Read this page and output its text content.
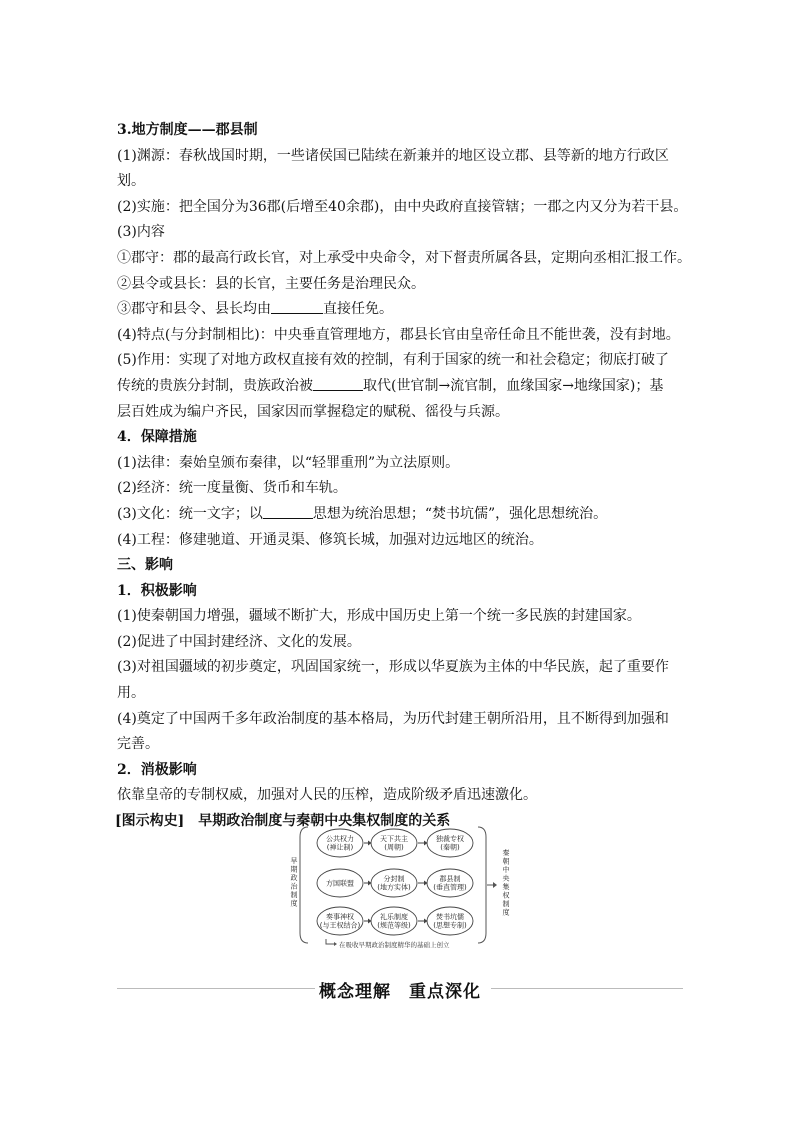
3.地方制度——郡县制
(1)渊源：春秋战国时期，一些诸侯国已陆续在新兼并的地区设立郡、县等新的地方行政区
划。
(2)实施：把全国分为36郡(后增至40余郡)，由中央政府直接管辖；一郡之内又分为若干县。
(3)内容
①郡守：郡的最高行政长官，对上承受中央命令，对下督责所属各县，定期向丞相汇报工作。
②县令或县长：县的长官，主要任务是治理民众。
③郡守和县令、县长均由	直接任免。
(4)特点(与分封制相比)：中央垂直管理地方，郡县长官由皇帝任命且不能世袭，没有封地。
(5)作用：实现了对地方政权直接有效的控制，有利于国家的统一和社会稳定；彻底打破了
传统的贵族分封制，贵族政治被	取代(世官制→流官制，血缘国家→地缘国家)；基
层百姓成为编户齐民，国家因而掌握稳定的赋税、徭役与兵源。
4．保障措施
(1)法律：秦始皇颁布秦律，以“轻罪重刑”为立法原则。
(2)经济：统一度量衡、货币和车轨。
(3)文化：统一文字；以	思想为统治思想；“焚书坑儒”，强化思想统治。
(4)工程：修建驰道、开通灵渠、修筑长城，加强对边远地区的统治。
三、影响
1．积极影响
(1)使秦朝国力增强，疆域不断扩大，形成中国历史上第一个统一多民族的封建国家。
(2)促进了中国封建经济、文化的发展。
(3)对祖国疆域的初步奠定，巩固国家统一，形成以华夏族为主体的中华民族，起了重要作
用。
(4)奠定了中国两千多年政治制度的基本格局，为历代封建王朝所沿用，且不断得到加强和
完善。
2．消极影响
依靠皇帝的专制权威，加强对人民的压榨，造成阶级矛盾迅速激化。
[图示构史]　早期政治制度与秦朝中央集权制度的关系
早
期
政
治
制
度
秦
朝
中
央
集
权
制
度
公共权力
(禅让制)
天下共主
(周朝)
独裁专权
(秦朝)
方国联盟
分封制
(地方实体)
郡县制
(垂直管理)
奏事神权
(与王权结合)
礼乐制度
(规范等级)
焚书坑儒
(思想专制)
在吸收早期政治制度精华的基础上创立
概念理解　重点深化
